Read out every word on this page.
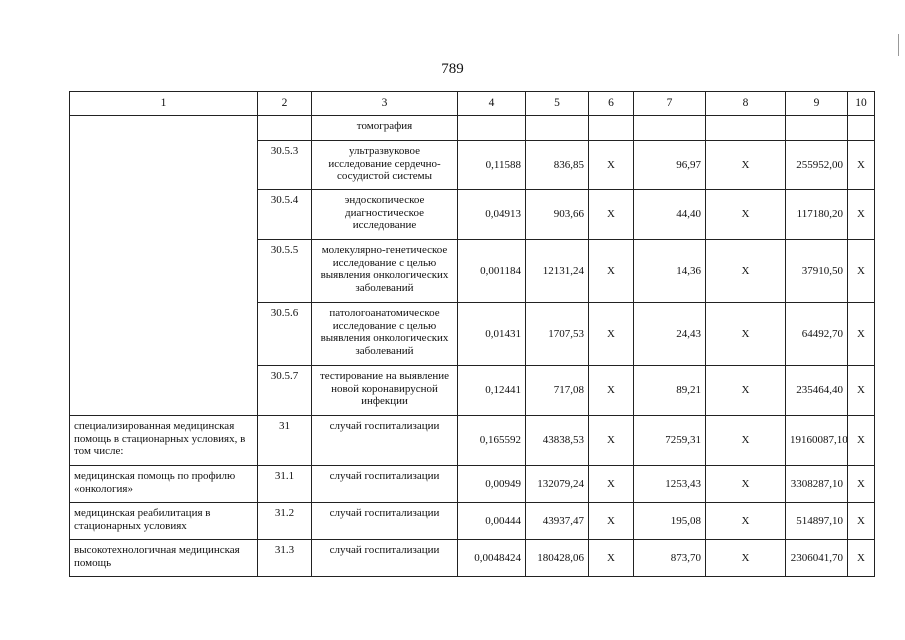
789
1	2	3	4	5	6	7	8	9	10
		томография							
	30.5.3	ультразвуковое исследование сердечно-сосудистой системы	0,11588	836,85	Х	96,97	Х	255952,00	Х
	30.5.4	эндоскопическое диагностическое исследование	0,04913	903,66	Х	44,40	Х	117180,20	Х
	30.5.5	молекулярно-генетическое исследование с целью выявления онкологических заболеваний	0,001184	12131,24	Х	14,36	Х	37910,50	Х
	30.5.6	патологоанатомическое исследование с целью выявления онкологических заболеваний	0,01431	1707,53	Х	24,43	Х	64492,70	Х
	30.5.7	тестирование на выявление новой коронавирусной инфекции	0,12441	717,08	Х	89,21	Х	235464,40	Х
специализированная медицинская помощь в стационарных условиях, в том числе:	31	случай госпитализации	0,165592	43838,53	Х	7259,31	Х	19160087,10	Х
медицинская помощь по профилю «онкология»	31.1	случай госпитализации	0,00949	132079,24	Х	1253,43	Х	3308287,10	Х
медицинская реабилитация в стационарных условиях	31.2	случай госпитализации	0,00444	43937,47	Х	195,08	Х	514897,10	Х
высокотехнологичная медицинская помощь	31.3	случай госпитализации	0,0048424	180428,06	Х	873,70	Х	2306041,70	Х
